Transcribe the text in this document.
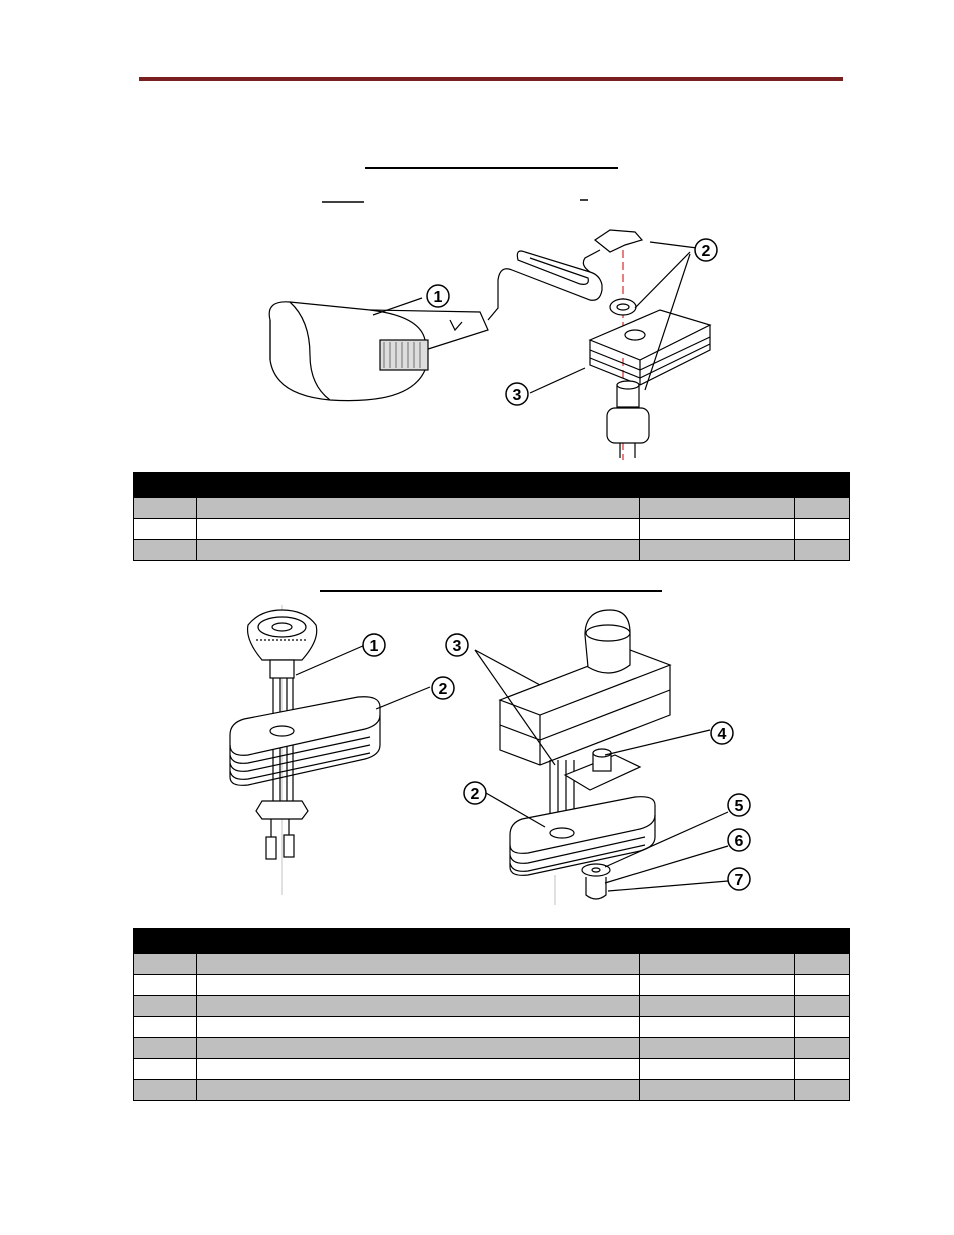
1
2
3

1
2
3
4
2
5
6
7
